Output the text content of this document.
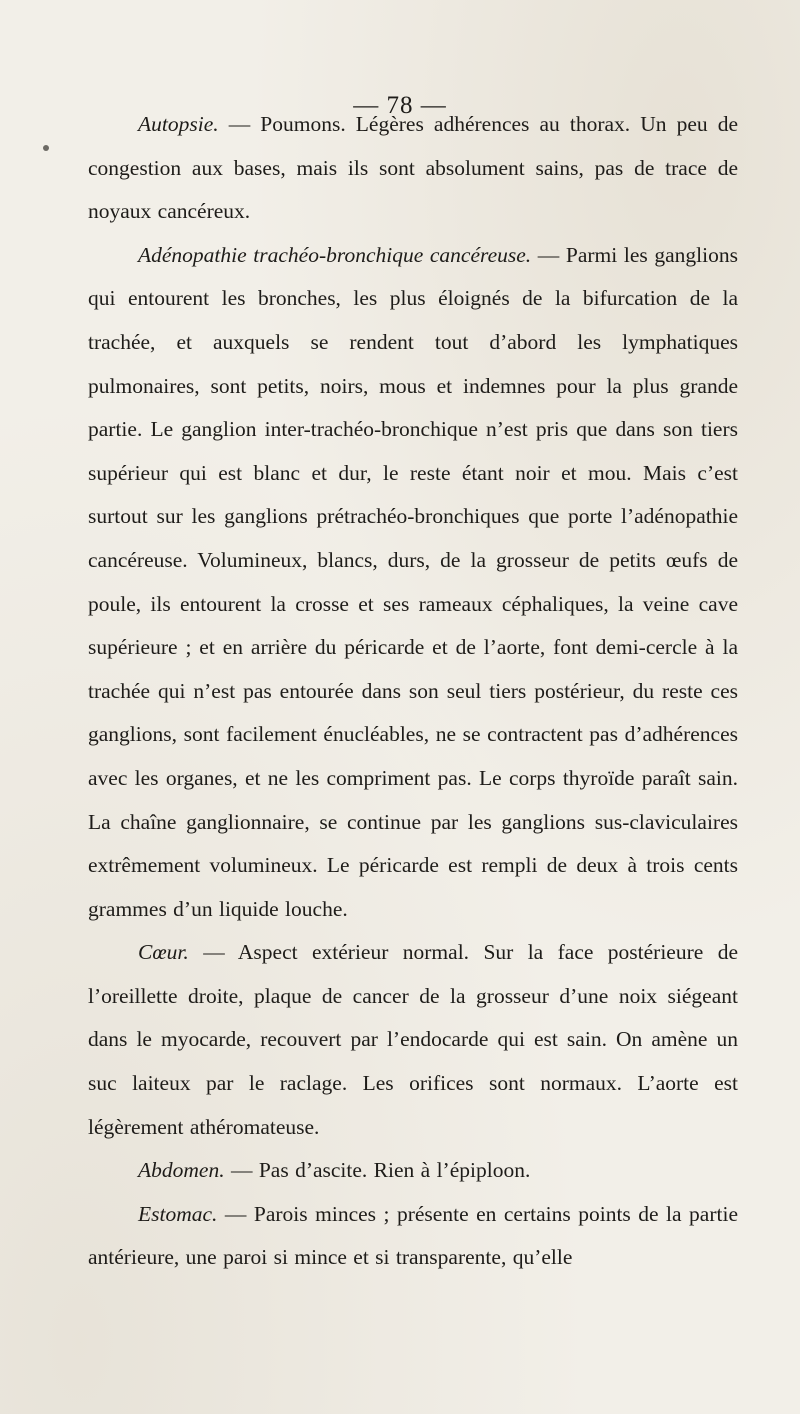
— 78 —

Autopsie. — Poumons. Légères adhérences au thorax. Un peu de congestion aux bases, mais ils sont absolument sains, pas de trace de noyaux cancéreux.

Adénopathie trachéo-bronchique cancéreuse. — Parmi les ganglions qui entourent les bronches, les plus éloignés de la bifurcation de la trachée, et auxquels se rendent tout d’abord les lymphatiques pulmonaires, sont petits, noirs, mous et indemnes pour la plus grande partie. Le ganglion inter-trachéo-bronchique n’est pris que dans son tiers supérieur qui est blanc et dur, le reste étant noir et mou. Mais c’est surtout sur les ganglions prétrachéo-bronchiques que porte l’adénopathie cancéreuse. Volumineux, blancs, durs, de la grosseur de petits œufs de poule, ils entourent la crosse et ses rameaux céphaliques, la veine cave supérieure ; et en arrière du péricarde et de l’aorte, font demi-cercle à la trachée qui n’est pas entourée dans son seul tiers postérieur, du reste ces ganglions, sont facilement énucléables, ne se contractent pas d’adhérences avec les organes, et ne les compriment pas. Le corps thyroïde paraît sain. La chaîne ganglionnaire, se continue par les ganglions sus-claviculaires extrêmement volumineux. Le péricarde est rempli de deux à trois cents grammes d’un liquide louche.

Cœur. — Aspect extérieur normal. Sur la face postérieure de l’oreillette droite, plaque de cancer de la grosseur d’une noix siégeant dans le myocarde, recouvert par l’endocarde qui est sain. On amène un suc laiteux par le raclage. Les orifices sont normaux. L’aorte est légèrement athéromateuse.

Abdomen. — Pas d’ascite. Rien à l’épiploon.

Estomac. — Parois minces ; présente en certains points de la partie antérieure, une paroi si mince et si transparente, qu’elle
